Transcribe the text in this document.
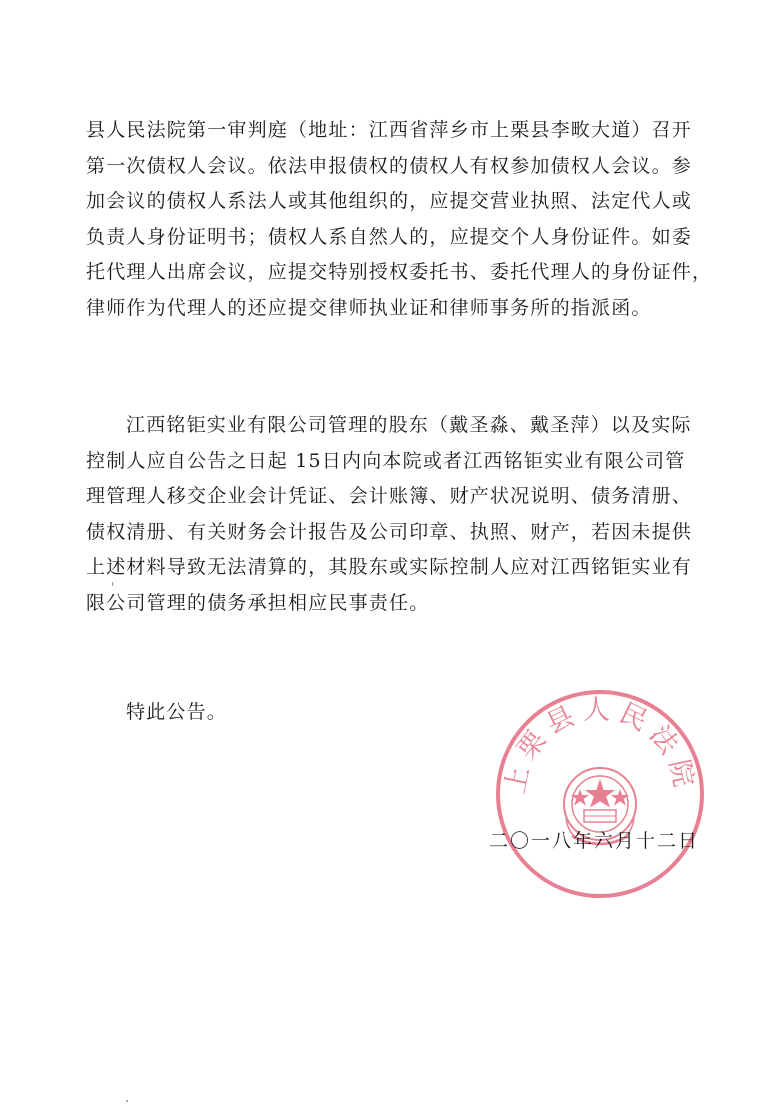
县人民法院第一审判庭（地址：江西省萍乡市上栗县李畋大道）召开
第一次债权人会议。依法申报债权的债权人有权参加债权人会议。参
加会议的债权人系法人或其他组织的，应提交营业执照、法定代人或
负责人身份证明书；债权人系自然人的，应提交个人身份证件。如委
托代理人出席会议，应提交特别授权委托书、委托代理人的身份证件，
律师作为代理人的还应提交律师执业证和律师事务所的指派函。

江西铭钜实业有限公司管理的股东（戴圣淼、戴圣萍）以及实际
控制人应自公告之日起 15日内向本院或者江西铭钜实业有限公司管
理管理人移交企业会计凭证、会计账簿、财产状况说明、债务清册、
债权清册、有关财务会计报告及公司印章、执照、财产，若因未提供
上述材料导致无法清算的，其股东或实际控制人应对江西铭钜实业有
限公司管理的债务承担相应民事责任。

特此公告。

上栗县人民法院
二〇一八年六月十二日
